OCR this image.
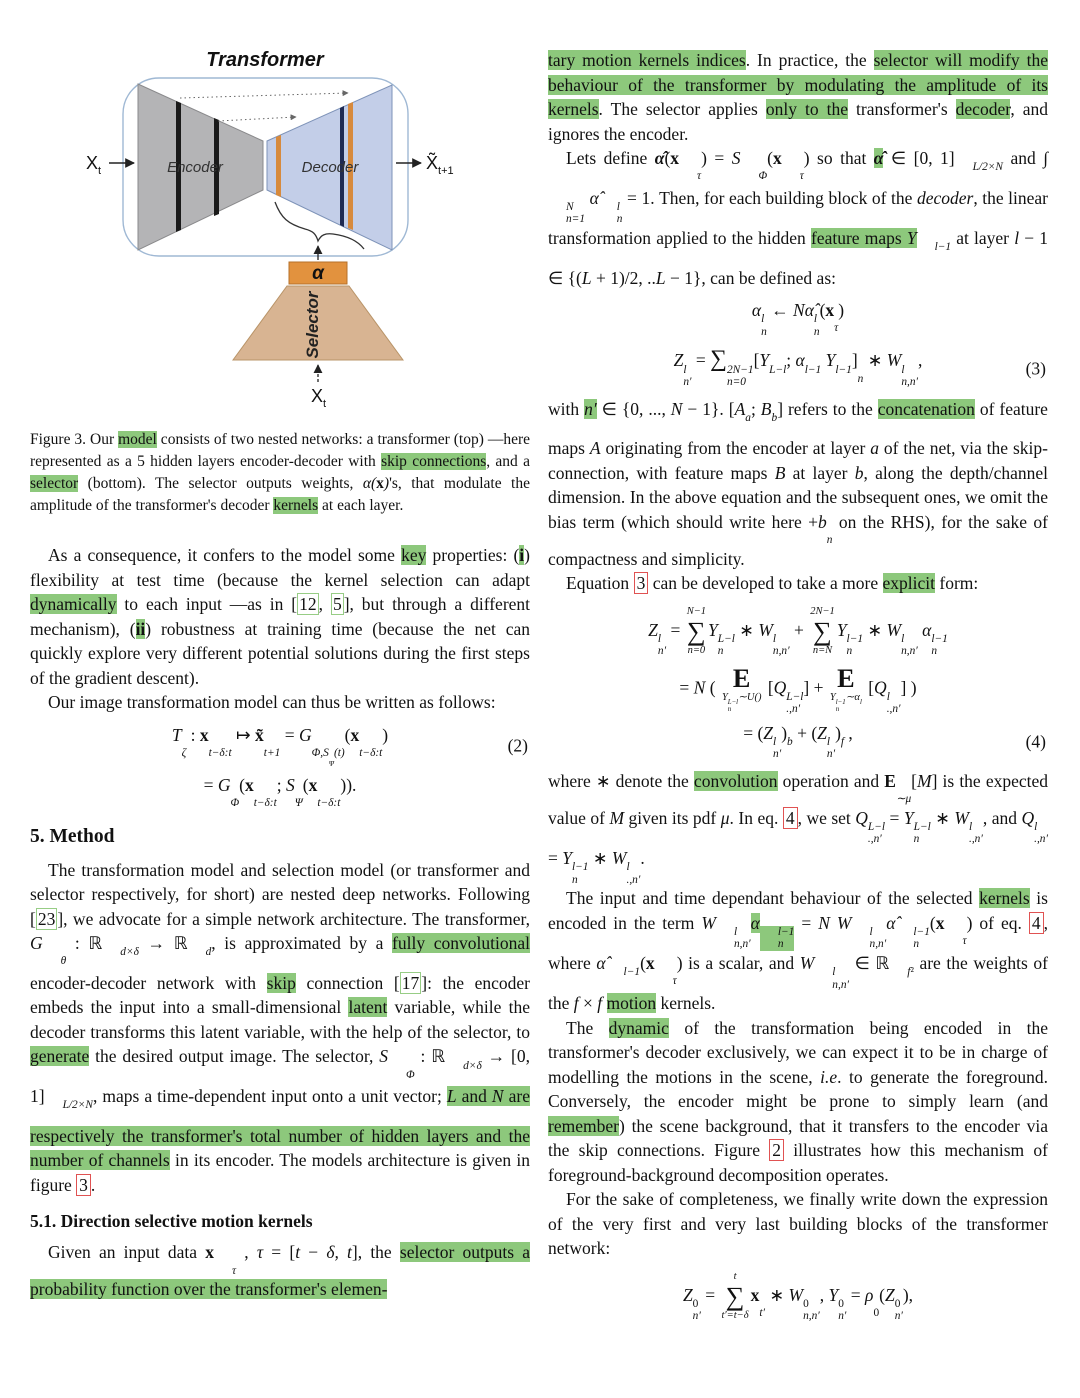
Transformer
Encoder	Decoder
$X_t$	$X̃_{t+1}$
α
Selector
$X_t$
Figure 3. Our model consists of two nested networks: a transformer (top) —here represented as a 5 hidden layers encoder-decoder with skip connections, and a selector (bottom). The selector outputs weights, α(x)'s, that modulate the amplitude of the transformer's decoder kernels at each layer.

As a consequence, it confers to the model some key properties: (i) flexibility at test time (because the kernel selection can adapt dynamically to each input —as in [ 12 , 5 ], but through a different mechanism), (ii) robustness at training time (because the net can quickly explore very different potential solutions during the first steps of the gradient descent).

Our image transformation model can thus be written as follows:

T
ζ
: x
t−δ:t
↦ x̃
t+1
= G
Φ,S
Ψ
(t)
(x
t−δ:t
)
(2)
= G
Φ
(x
t−δ:t
; S
Ψ
(x
t−δ:t
)).
5. Method

The transformation model and selection model (or transformer and selector respectively, for short) are nested deep networks. Following [ 23 ], we advocate for a simple network architecture. The transformer, G
θ
: ℝ	d×δ → ℝ	d , is approximated by a fully convolutional encoder-decoder network with skip connection [ 17 ]: the encoder embeds the input into a small-dimensional latent variable, while the decoder transforms this latent variable, with the help of the selector, to generate the desired output image. The selector, S
Φ
: ℝ	d×δ → [0, 1]	L/2×N , maps a time-dependent input onto a unit vector; L and N are respectively the transformer's total number of hidden layers and the number of channels in its encoder. The models architecture is given in figure 3 .

5.1. Direction selective motion kernels

Given an input data x
τ
, τ = [t − δ, t], the selector outputs a probability function over the transformer's elemen-

tary motion kernels indices. In practice, the selector will modify the behaviour of the transformer by modulating the amplitude of its kernels. The selector applies only to the transformer's decoder, and ignores the encoder.

Lets define α̂(x
τ
) = S
Φ
(x
τ
) so that α̂ ∈ [0, 1]	L/2×N and ∫
N
n=1
α̂	l
n
= 1. Then, for each building block of the decoder, the linear transformation applied to the hidden feature maps Y	l−1 at layer l − 1 ∈ {(L + 1)/2, ..L − 1}, can be defined as:

α l
n
← Nα̂ l
n
(x
τ
)
Z l
n′
= ∑ 2N−1
n=0
[Y L−l ; α l−1 Y l−1 ]
n
∗ W l
n,n′
,	(3)

with n′ ∈ {0, ..., N − 1}. [A a ; B b ] refers to the concatenation of feature maps A originating from the encoder at layer a of the net, via the skip-connection, with feature maps B at layer b, along the depth/channel dimension. In the above equation and the subsequent ones, we omit the bias term (which should write here +b
n
on the RHS), for the sake of compactness and simplicity.

Equation 3 can be developed to take a more explicit form:

Z l
n′
=
N−1
∑
n=0
Y L−l
n
∗ W l
n,n′
+
2N−1
∑
n=N
Y l−1
n
∗ W l
n,n′
α l−1
n
= N ( E
Y L−l
n
∼U()
[Q L−l
.,n′
] + E
Y l−1
n
∼α l
[Q l
.,n′
] )
= (Z l
n′
) b + (Z l
n′
) f ,	(4)

where ∗ denote the convolution operation and E
∼μ
[M] is the expected value of M given its pdf μ. In eq. 4 , we set Q L−l
.,n′
= Y L−l
n
∗ W l
.,n′
, and Q l
.,n′
= Y l−1
n
∗ W l
.,n′
.

The input and time dependant behaviour of the selected kernels is encoded in the term W	l
n,n′
α	l−1
n
= N W	l
n,n′
α̂	l−1
n
(x
τ
) of eq. 4 , where α̂	l−1 (x
τ
) is a scalar, and W	l
n,n′
∈ ℝ	f² are the weights of the f × f motion kernels.

The dynamic of the transformation being encoded in the transformer's decoder exclusively, we can expect it to be in charge of modelling the motions in the scene, i.e. to generate the foreground. Conversely, the encoder might be prone to simply learn (and remember) the scene background, that it transfers to the encoder via the skip connections. Figure 2 illustrates how this mechanism of foreground-background decomposition operates.

For the sake of completeness, we finally write down the expression of the very first and very last building blocks of the transformer network:

Z 0
n′
=
t
∑
t′=t−δ
x
t′
∗ W 0
n,n′
, Y 0
n′
= ρ
0
(Z 0
n′
),
